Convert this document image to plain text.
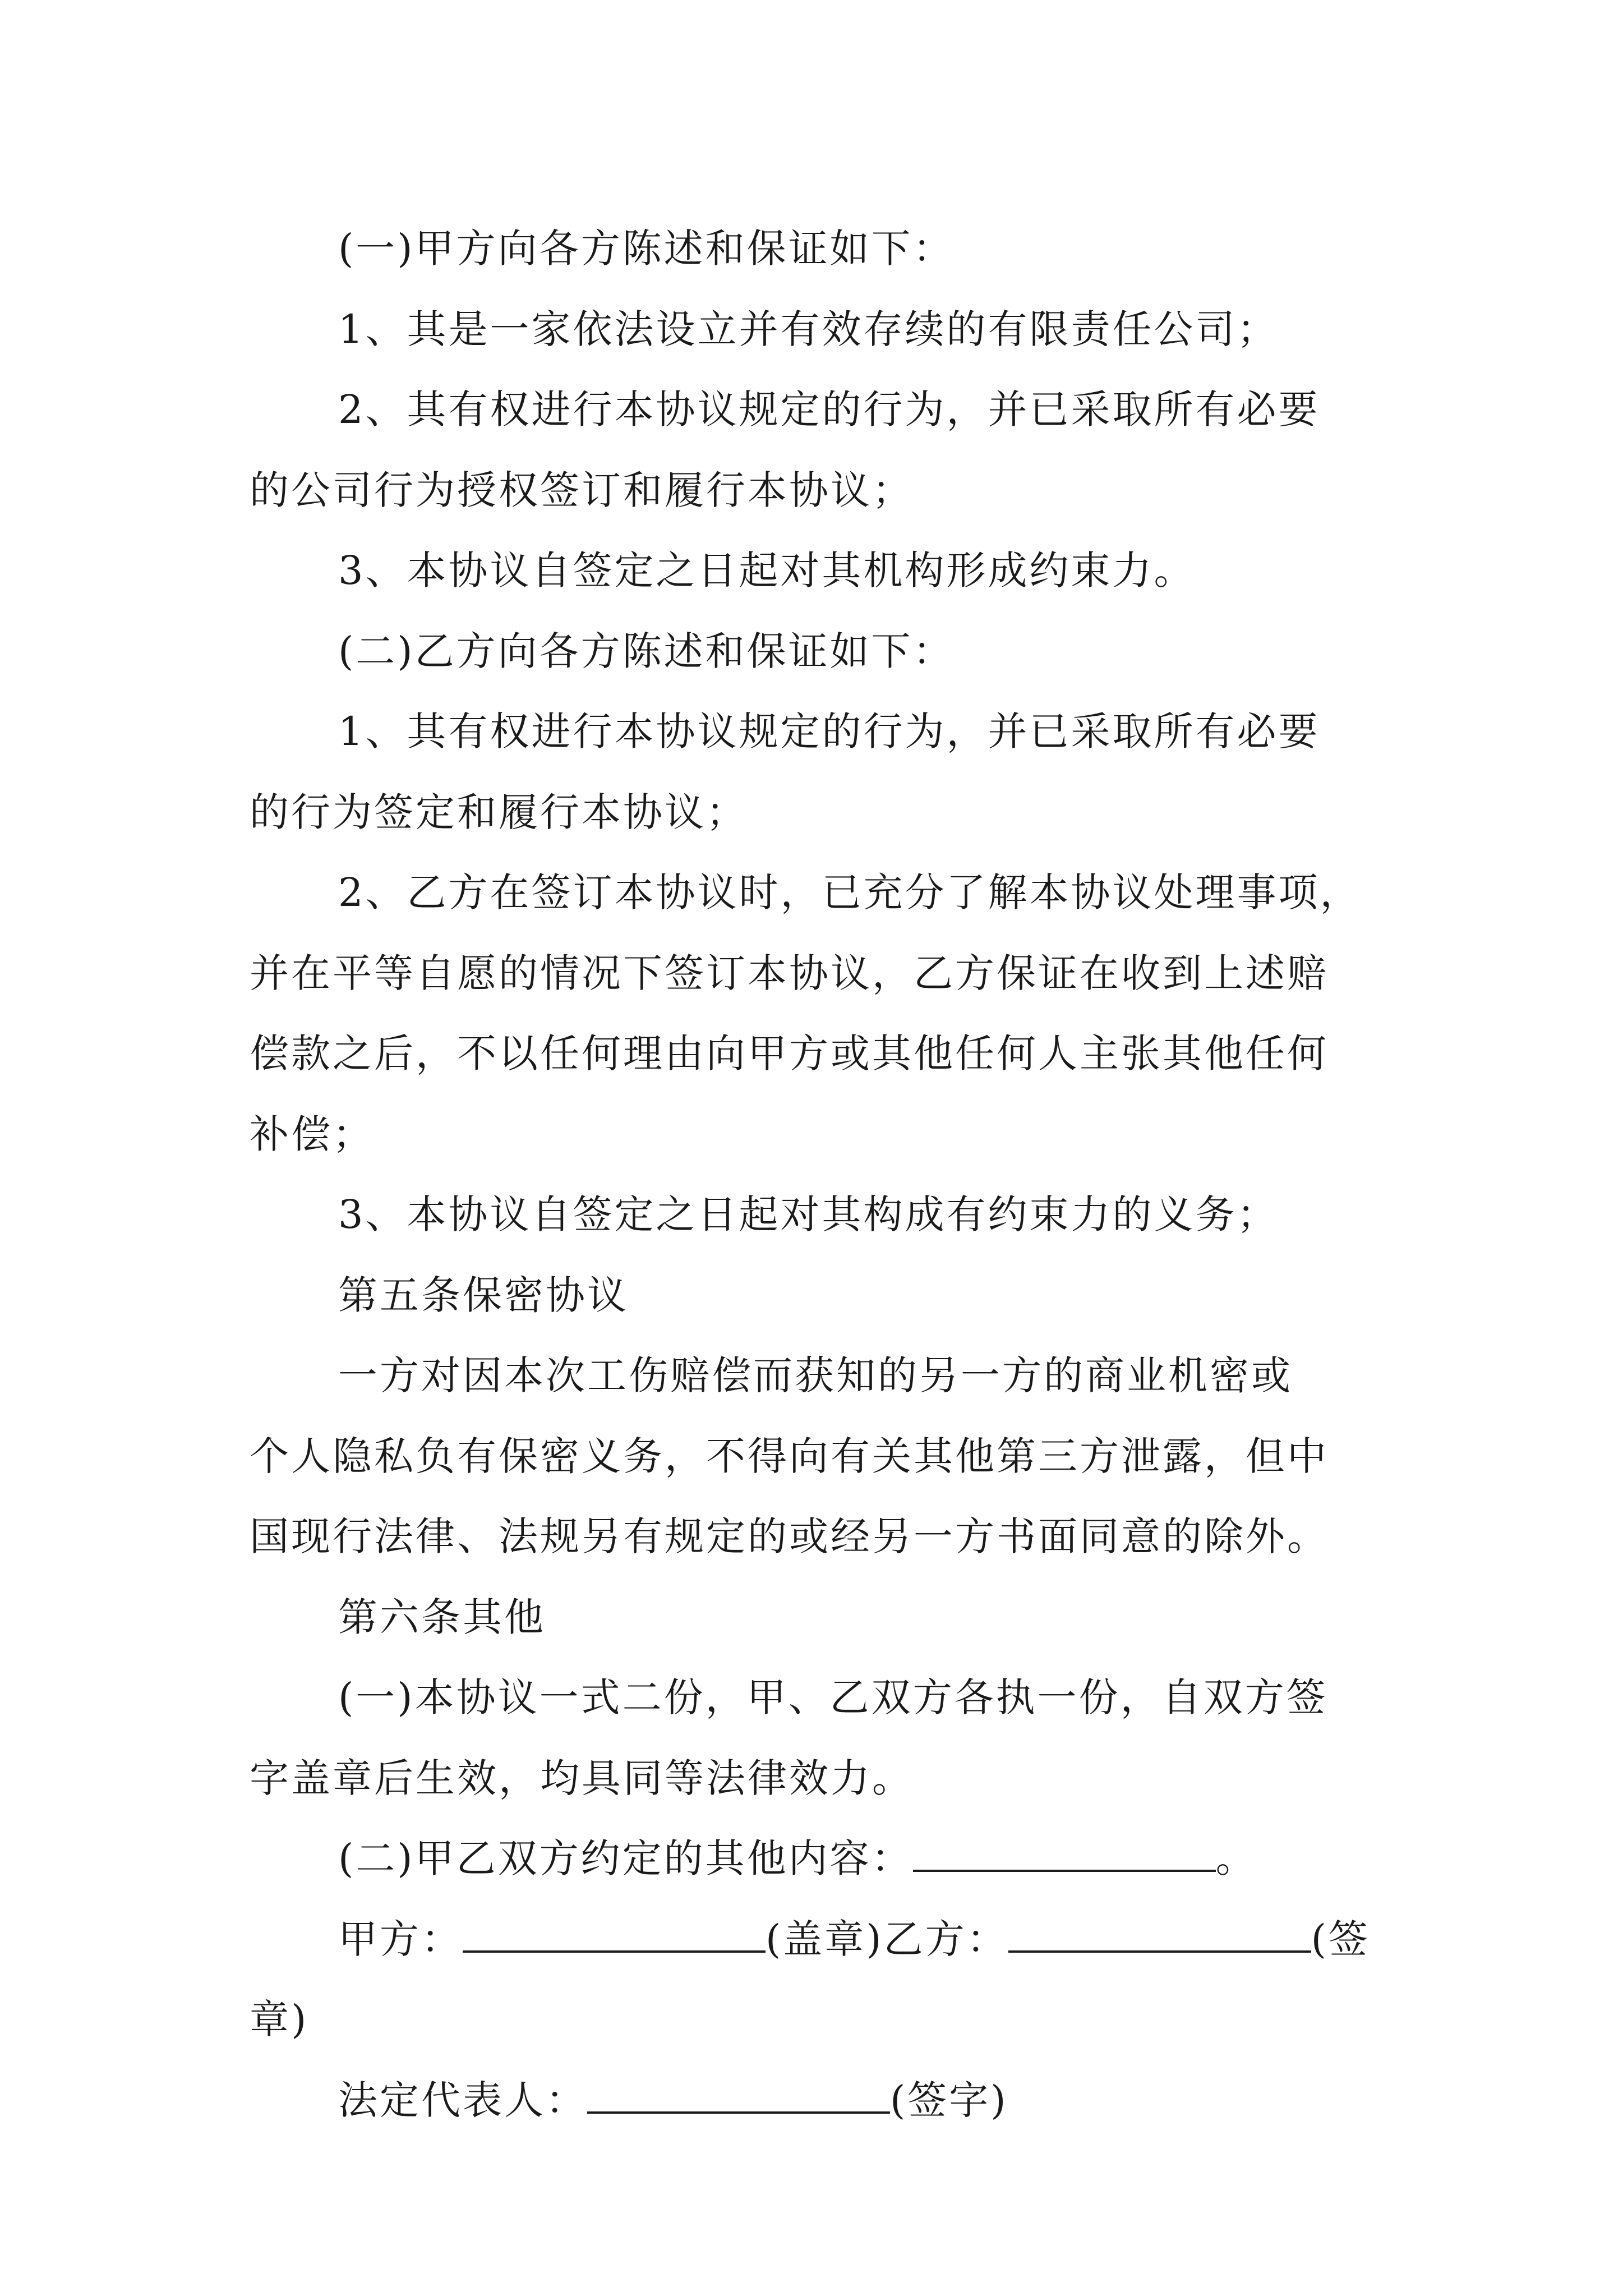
(一)甲方向各方陈述和保证如下：
1、其是一家依法设立并有效存续的有限责任公司；
2、其有权进行本协议规定的行为，并已采取所有必要
的公司行为授权签订和履行本协议；
3、本协议自签定之日起对其机构形成约束力。
(二)乙方向各方陈述和保证如下：
1、其有权进行本协议规定的行为，并已采取所有必要
的行为签定和履行本协议；
2、乙方在签订本协议时，已充分了解本协议处理事项，
并在平等自愿的情况下签订本协议，乙方保证在收到上述赔
偿款之后，不以任何理由向甲方或其他任何人主张其他任何
补偿；
3、本协议自签定之日起对其构成有约束力的义务；
第五条保密协议
一方对因本次工伤赔偿而获知的另一方的商业机密或
个人隐私负有保密义务，不得向有关其他第三方泄露，但中
国现行法律、法规另有规定的或经另一方书面同意的除外。
第六条其他
(一)本协议一式二份，甲、乙双方各执一份，自双方签
字盖章后生效，均具同等法律效力。
(二)甲乙双方约定的其他内容：	。
甲方：	(盖章)乙方：	(签
章)
法定代表人：	(签字)
